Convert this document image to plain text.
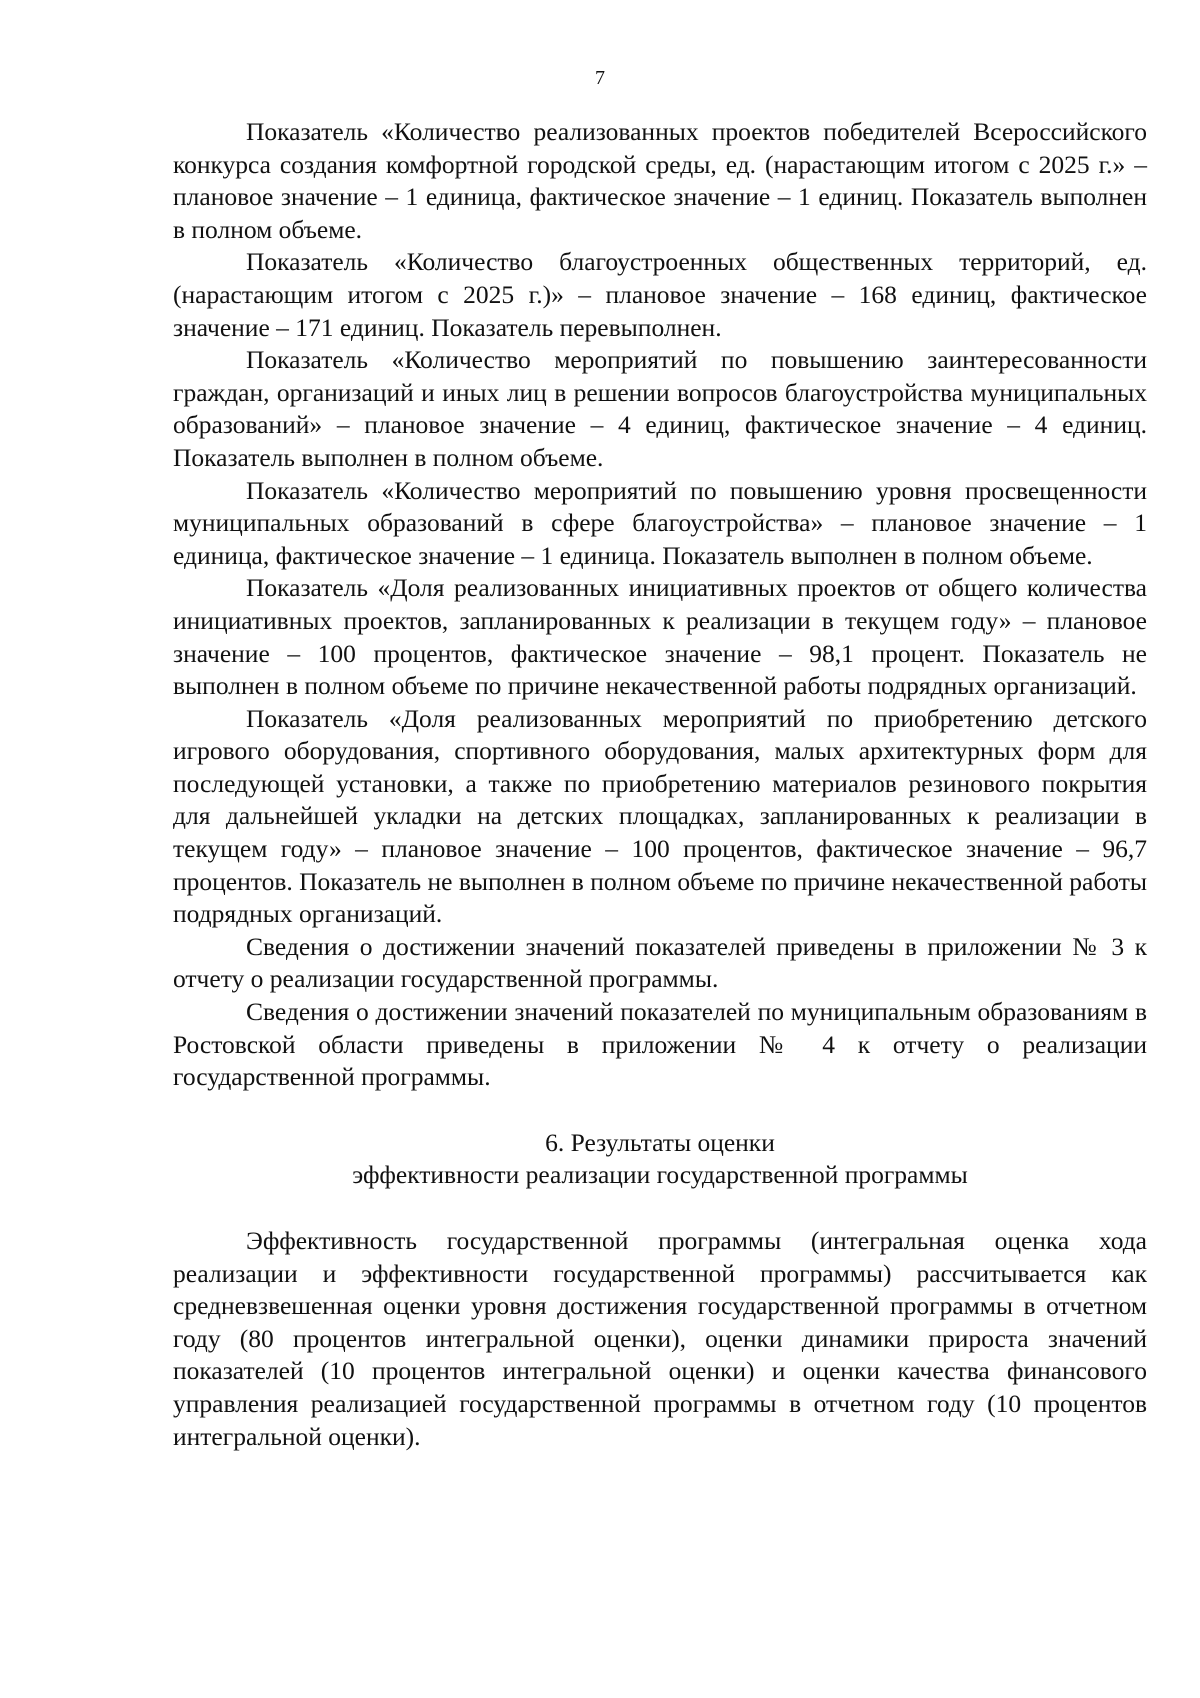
7

Показатель «Количество реализованных проектов победителей Всероссийского конкурса создания комфортной городской среды, ед. (нарастающим итогом с 2025 г.» – плановое значение – 1 единица, фактическое значение – 1 единиц. Показатель выполнен в полном объеме.

Показатель «Количество благоустроенных общественных территорий, ед. (нарастающим итогом с 2025 г.)» – плановое значение – 168 единиц, фактическое значение – 171 единиц. Показатель перевыполнен.

Показатель «Количество мероприятий по повышению заинтересованности граждан, организаций и иных лиц в решении вопросов благоустройства муниципальных образований» – плановое значение – 4 единиц, фактическое значение – 4 единиц. Показатель выполнен в полном объеме.

Показатель «Количество мероприятий по повышению уровня просвещенности муниципальных образований в сфере благоустройства» – плановое значение – 1 единица, фактическое значение – 1 единица. Показатель выполнен в полном объеме.

Показатель «Доля реализованных инициативных проектов от общего количества инициативных проектов, запланированных к реализации в текущем году» – плановое значение – 100 процентов, фактическое значение – 98,1 процент. Показатель не выполнен в полном объеме по причине некачественной работы подрядных организаций.

Показатель «Доля реализованных мероприятий по приобретению детского игрового оборудования, спортивного оборудования, малых архитектурных форм для последующей установки, а также по приобретению материалов резинового покрытия для дальнейшей укладки на детских площадках, запланированных к реализации в текущем году» – плановое значение – 100 процентов, фактическое значение – 96,7 процентов. Показатель не выполнен в полном объеме по причине некачественной работы подрядных организаций.

Сведения о достижении значений показателей приведены в приложении № 3 к отчету о реализации государственной программы.

Сведения о достижении значений показателей по муниципальным образованиям в Ростовской области приведены в приложении № 4 к отчету о реализации государственной программы.

6. Результаты оценки
эффективности реализации государственной программы

Эффективность государственной программы (интегральная оценка хода реализации и эффективности государственной программы) рассчитывается как средневзвешенная оценки уровня достижения государственной программы в отчетном году (80 процентов интегральной оценки), оценки динамики прироста значений показателей (10 процентов интегральной оценки) и оценки качества финансового управления реализацией государственной программы в отчетном году (10 процентов интегральной оценки).
